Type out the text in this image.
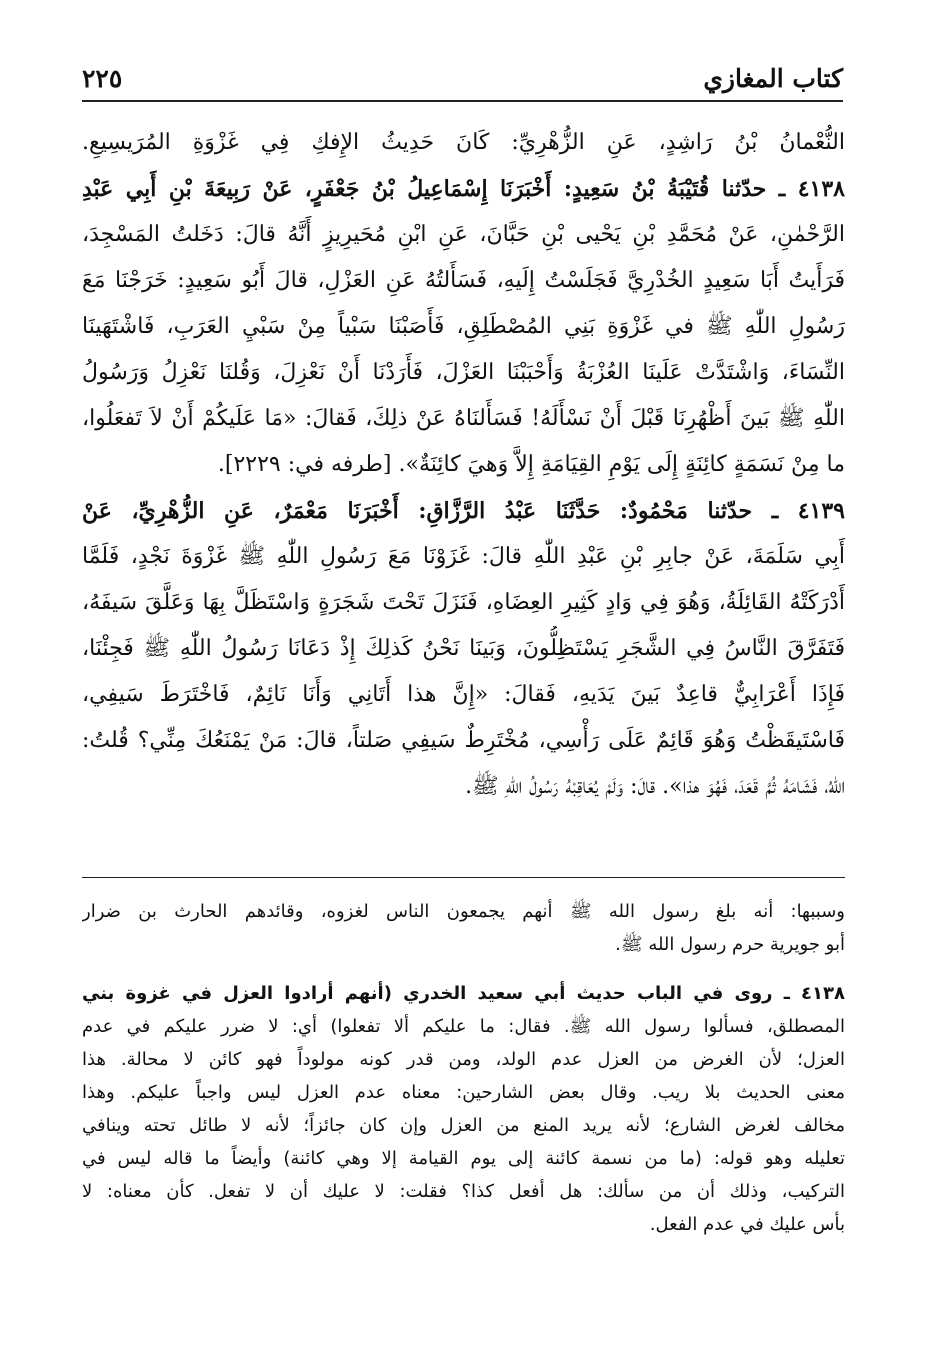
كتاب المغازي
٢٢٥
النُّعْمانُ بْنُ رَاشِدٍ، عَنِ الزُّهْرِيِّ: كَانَ حَدِيثُ الإِفكِ فِي غَزْوَةِ المُرَيسِيعِ.
٤١٣٨ ـ حدّثنا قُتَيْبَةُ بْنُ سَعِيدٍ: أَخْبَرَنَا إِسْمَاعِيلُ بْنُ جَعْفَرٍ، عَنْ رَبِيعَةَ بْنِ أَبِي عَبْدِ
الرَّحْمٰنِ، عَنْ مُحَمَّدِ بْنِ يَحْيى بْنِ حَبَّانَ، عَنِ ابْنِ مُحَيرِيزٍ أَنَّهُ قالَ: دَخَلتُ المَسْجِدَ،
فَرَأَيتُ أَبَا سَعِيدٍ الخُدْرِيَّ فَجَلَسْتُ إِلَيهِ، فَسَأَلتُهُ عَنِ العَزْلِ، قالَ أَبُو سَعِيدٍ: خَرَجْنَا مَعَ
رَسُولِ اللّٰهِ ﷺ في غَزْوَةِ بَنِي المُصْطَلِقِ، فَأَصَبْنَا سَبْياً مِنْ سَبْيِ العَرَبِ، فَاشْتَهَينَا
النِّسَاءَ، وَاشْتَدَّتْ عَلَينَا العُزْبَةُ وَأَحْبَبْنَا العَزْلَ، فَأَرَدْنَا أَنْ نَعْزِلَ، وَقُلنَا نَعْزِلُ وَرَسُولُ
اللّٰهِ ﷺ بَينَ أَظْهُرِنَا قَبْلَ أَنْ نَسْأَلَهُ! فَسَأَلنَاهُ عَنْ ذلِكَ، فَقالَ: «مَا عَلَيكُمْ أَنْ لاَ تَفعَلُوا،
ما مِنْ نَسَمَةٍ كائِنَةٍ إِلَى يَوْمِ القِيَامَةِ إِلاَّ وَهيَ كائِنَةٌ». [طرفه في: ٢٢٢٩].
٤١٣٩ ـ حدّثنا مَحْمُودٌ: حَدَّثَنَا عَبْدُ الرَّزَّاقِ: أَخْبَرَنَا مَعْمَرٌ، عَنِ الزُّهْرِيِّ، عَنْ
أَبِي سَلَمَةَ، عَنْ جابِرِ بْنِ عَبْدِ اللّٰهِ قالَ: غَزَوْنَا مَعَ رَسُولِ اللّٰهِ ﷺ غَزْوَةَ نَجْدٍ، فَلَمَّا
أَدْرَكَتْهُ القَائِلَةُ، وَهُوَ فِي وَادٍ كَثِيرِ العِضَاهِ، فَنَزَلَ تَحْتَ شَجَرَةٍ وَاسْتَظَلَّ بِهَا وَعَلَّقَ سَيفَهُ،
فَتَفَرَّقَ النَّاسُ فِي الشَّجَرِ يَسْتَظِلُّونَ، وَبَينَا نَحْنُ كَذلِكَ إِذْ دَعَانَا رَسُولُ اللّٰهِ ﷺ فَجِئْنَا،
فَإِذَا أَعْرَابِيٌّ قاعِدٌ بَينَ يَدَيهِ، فَقالَ: «إِنَّ هذا أَتَانِي وَأَنَا نَائِمٌ، فَاخْتَرَطَ سَيفِي،
فَاسْتَيقَظْتُ وَهُوَ قَائِمٌ عَلَى رَأْسِي، مُخْتَرِطٌ سَيفِي صَلتاً، قالَ: مَنْ يَمْنَعُكَ مِنِّي؟ قُلتُ:
اللّٰهُ، فَشَامَهُ ثُمَّ قَعَدَ، فَهُوَ هذا». قالَ: وَلَمْ يُعَاقِبْهُ رَسُولُ اللّٰهِ ﷺ.
وسببها: أنه بلغ رسول الله ﷺ أنهم يجمعون الناس لغزوه، وقائدهم الحارث بن ضرار
أبو جويرية حرم رسول الله ﷺ.
٤١٣٨ ـ روى في الباب حديث أبي سعيد الخدري (أنهم أرادوا العزل في غزوة بني
المصطلق، فسألوا رسول الله ﷺ. فقال: ما عليكم ألا تفعلوا) أي: لا ضرر عليكم في عدم
العزل؛ لأن الغرض من العزل عدم الولد، ومن قدر كونه مولوداً فهو كائن لا محالة. هذا
معنى الحديث بلا ريب. وقال بعض الشارحين: معناه عدم العزل ليس واجباً عليكم. وهذا
مخالف لغرض الشارع؛ لأنه يريد المنع من العزل وإن كان جائزاً؛ لأنه لا طائل تحته وينافي
تعليله وهو قوله: (ما من نسمة كائنة إلى يوم القيامة إلا وهي كائنة) وأيضاً ما قاله ليس في
التركيب، وذلك أن من سألك: هل أفعل كذا؟ فقلت: لا عليك أن لا تفعل. كأن معناه: لا
بأس عليك في عدم الفعل.
